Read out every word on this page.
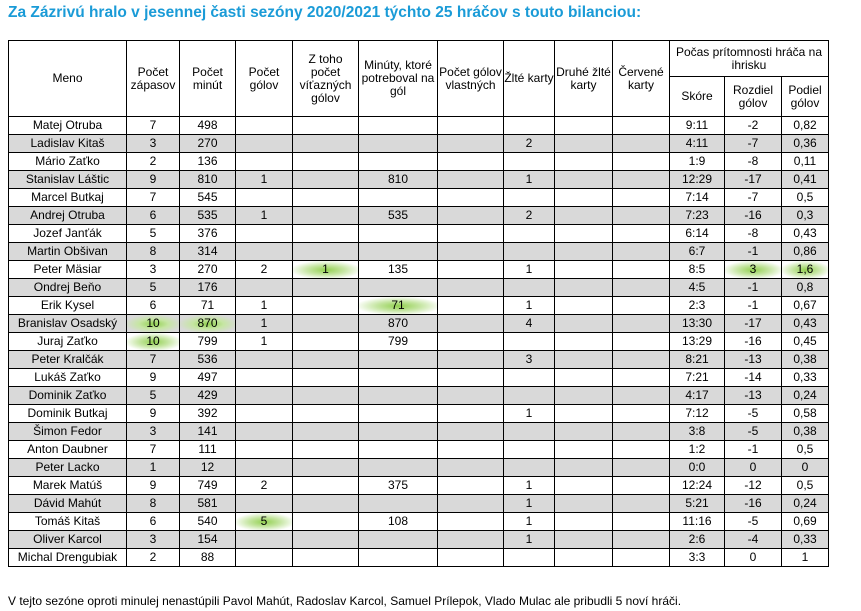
Za Zázrivú hralo v jesennej časti sezóny 2020/2021 týchto 25 hráčov s touto bilanciou:
Meno	Počet zápasov	Počet minút	Počet gólov	Z toho počet víťazných gólov	Minúty, ktoré potreboval na gól	Počet gólov vlastných	Žlté karty	Druhé žlté karty	Červené karty	Počas prítomnosti hráča na ihrisku		
										Skóre	Rozdiel gólov	Podiel gólov
Matej Otruba	7	498								9:11	-2	0,82
Ladislav Kitaš	3	270					2			4:11	-7	0,36
Mário Zaťko	2	136								1:9	-8	0,11
Stanislav Láštic	9	810	1		810		1			12:29	-17	0,41
Marcel Butkaj	7	545								7:14	-7	0,5
Andrej Otruba	6	535	1		535		2			7:23	-16	0,3
Jozef Janťák	5	376								6:14	-8	0,43
Martin Obšivan	8	314								6:7	-1	0,86
Peter Mäsiar	3	270	2	1	135		1			8:5	3	1,6
Ondrej Beňo	5	176								4:5	-1	0,8
Erik Kysel	6	71	1		71		1			2:3	-1	0,67
Branislav Osadský	10	870	1		870		4			13:30	-17	0,43
Juraj Zaťko	10	799	1		799					13:29	-16	0,45
Peter Kralčák	7	536					3			8:21	-13	0,38
Lukáš Zaťko	9	497								7:21	-14	0,33
Dominik Zaťko	5	429								4:17	-13	0,24
Dominik Butkaj	9	392					1			7:12	-5	0,58
Šimon Fedor	3	141								3:8	-5	0,38
Anton Daubner	7	111								1:2	-1	0,5
Peter Lacko	1	12								0:0	0	0
Marek Matúš	9	749	2		375		1			12:24	-12	0,5
Dávid Mahút	8	581					1			5:21	-16	0,24
Tomáš Kitaš	6	540	5		108		1			11:16	-5	0,69
Oliver Karcol	3	154					1			2:6	-4	0,33
Michal Drengubiak	2	88								3:3	0	1
V tejto sezóne oproti minulej nenastúpili Pavol Mahút, Radoslav Karcol, Samuel Prílepok, Vlado Mulac ale pribudli 5 noví hráči.
